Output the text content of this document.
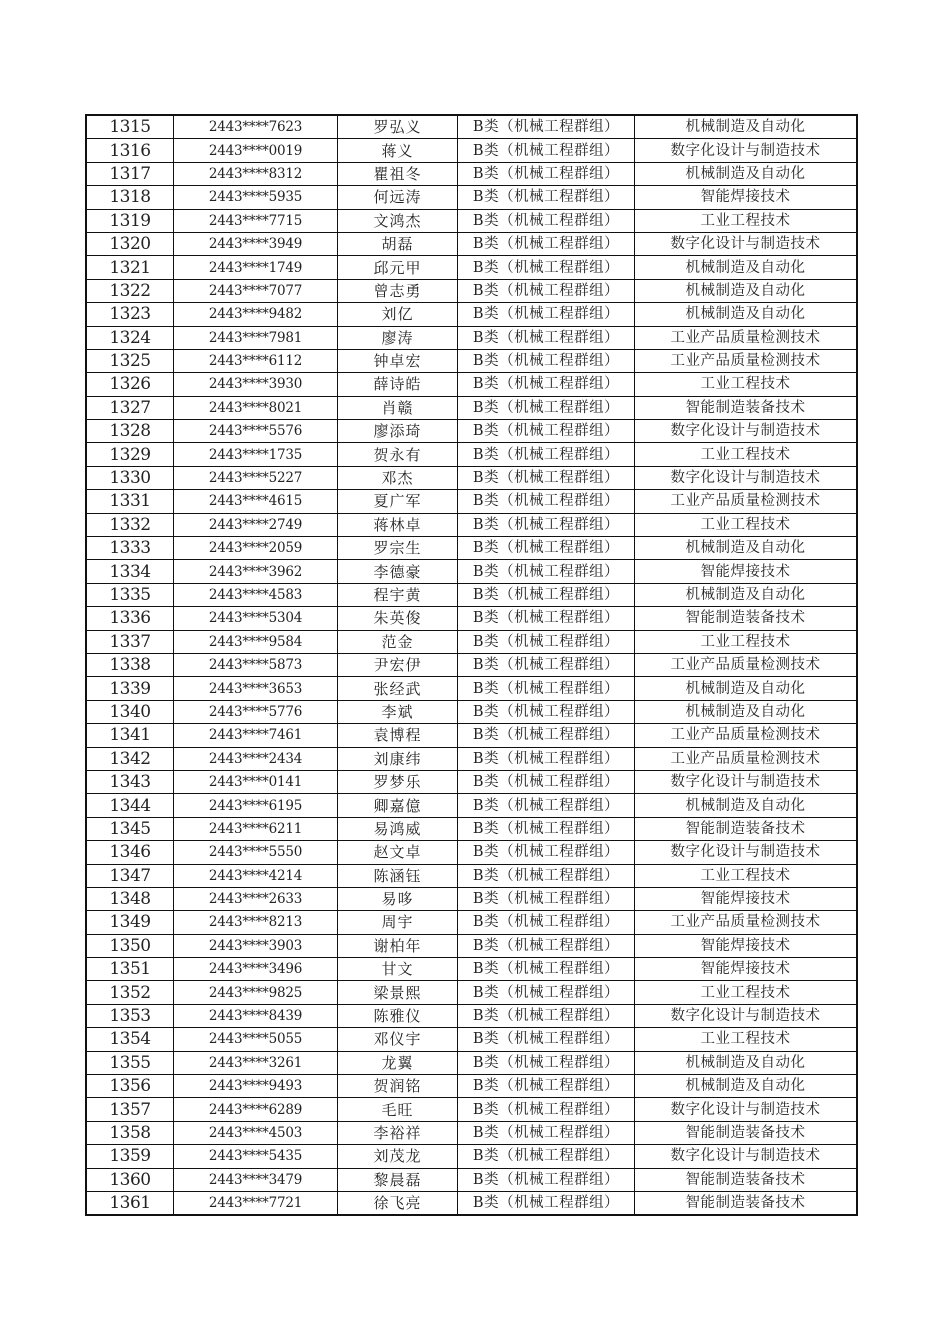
1315	2443****7623	罗弘义	B类（机械工程群组）	机械制造及自动化
1316	2443****0019	蒋义	B类（机械工程群组）	数字化设计与制造技术
1317	2443****8312	瞿祖冬	B类（机械工程群组）	机械制造及自动化
1318	2443****5935	何远涛	B类（机械工程群组）	智能焊接技术
1319	2443****7715	文鸿杰	B类（机械工程群组）	工业工程技术
1320	2443****3949	胡磊	B类（机械工程群组）	数字化设计与制造技术
1321	2443****1749	邱元甲	B类（机械工程群组）	机械制造及自动化
1322	2443****7077	曾志勇	B类（机械工程群组）	机械制造及自动化
1323	2443****9482	刘亿	B类（机械工程群组）	机械制造及自动化
1324	2443****7981	廖涛	B类（机械工程群组）	工业产品质量检测技术
1325	2443****6112	钟卓宏	B类（机械工程群组）	工业产品质量检测技术
1326	2443****3930	薛诗皓	B类（机械工程群组）	工业工程技术
1327	2443****8021	肖赣	B类（机械工程群组）	智能制造装备技术
1328	2443****5576	廖添琦	B类（机械工程群组）	数字化设计与制造技术
1329	2443****1735	贺永有	B类（机械工程群组）	工业工程技术
1330	2443****5227	邓杰	B类（机械工程群组）	数字化设计与制造技术
1331	2443****4615	夏广军	B类（机械工程群组）	工业产品质量检测技术
1332	2443****2749	蒋林卓	B类（机械工程群组）	工业工程技术
1333	2443****2059	罗宗生	B类（机械工程群组）	机械制造及自动化
1334	2443****3962	李德豪	B类（机械工程群组）	智能焊接技术
1335	2443****4583	程宇黄	B类（机械工程群组）	机械制造及自动化
1336	2443****5304	朱英俊	B类（机械工程群组）	智能制造装备技术
1337	2443****9584	范金	B类（机械工程群组）	工业工程技术
1338	2443****5873	尹宏伊	B类（机械工程群组）	工业产品质量检测技术
1339	2443****3653	张经武	B类（机械工程群组）	机械制造及自动化
1340	2443****5776	李斌	B类（机械工程群组）	机械制造及自动化
1341	2443****7461	袁博程	B类（机械工程群组）	工业产品质量检测技术
1342	2443****2434	刘康纬	B类（机械工程群组）	工业产品质量检测技术
1343	2443****0141	罗梦乐	B类（机械工程群组）	数字化设计与制造技术
1344	2443****6195	卿嘉億	B类（机械工程群组）	机械制造及自动化
1345	2443****6211	易鸿威	B类（机械工程群组）	智能制造装备技术
1346	2443****5550	赵文卓	B类（机械工程群组）	数字化设计与制造技术
1347	2443****4214	陈涵钰	B类（机械工程群组）	工业工程技术
1348	2443****2633	易哆	B类（机械工程群组）	智能焊接技术
1349	2443****8213	周宇	B类（机械工程群组）	工业产品质量检测技术
1350	2443****3903	谢柏年	B类（机械工程群组）	智能焊接技术
1351	2443****3496	甘文	B类（机械工程群组）	智能焊接技术
1352	2443****9825	梁景熙	B类（机械工程群组）	工业工程技术
1353	2443****8439	陈雅仪	B类（机械工程群组）	数字化设计与制造技术
1354	2443****5055	邓仪宇	B类（机械工程群组）	工业工程技术
1355	2443****3261	龙翼	B类（机械工程群组）	机械制造及自动化
1356	2443****9493	贺润铭	B类（机械工程群组）	机械制造及自动化
1357	2443****6289	毛旺	B类（机械工程群组）	数字化设计与制造技术
1358	2443****4503	李裕祥	B类（机械工程群组）	智能制造装备技术
1359	2443****5435	刘茂龙	B类（机械工程群组）	数字化设计与制造技术
1360	2443****3479	黎晨磊	B类（机械工程群组）	智能制造装备技术
1361	2443****7721	徐飞亮	B类（机械工程群组）	智能制造装备技术
